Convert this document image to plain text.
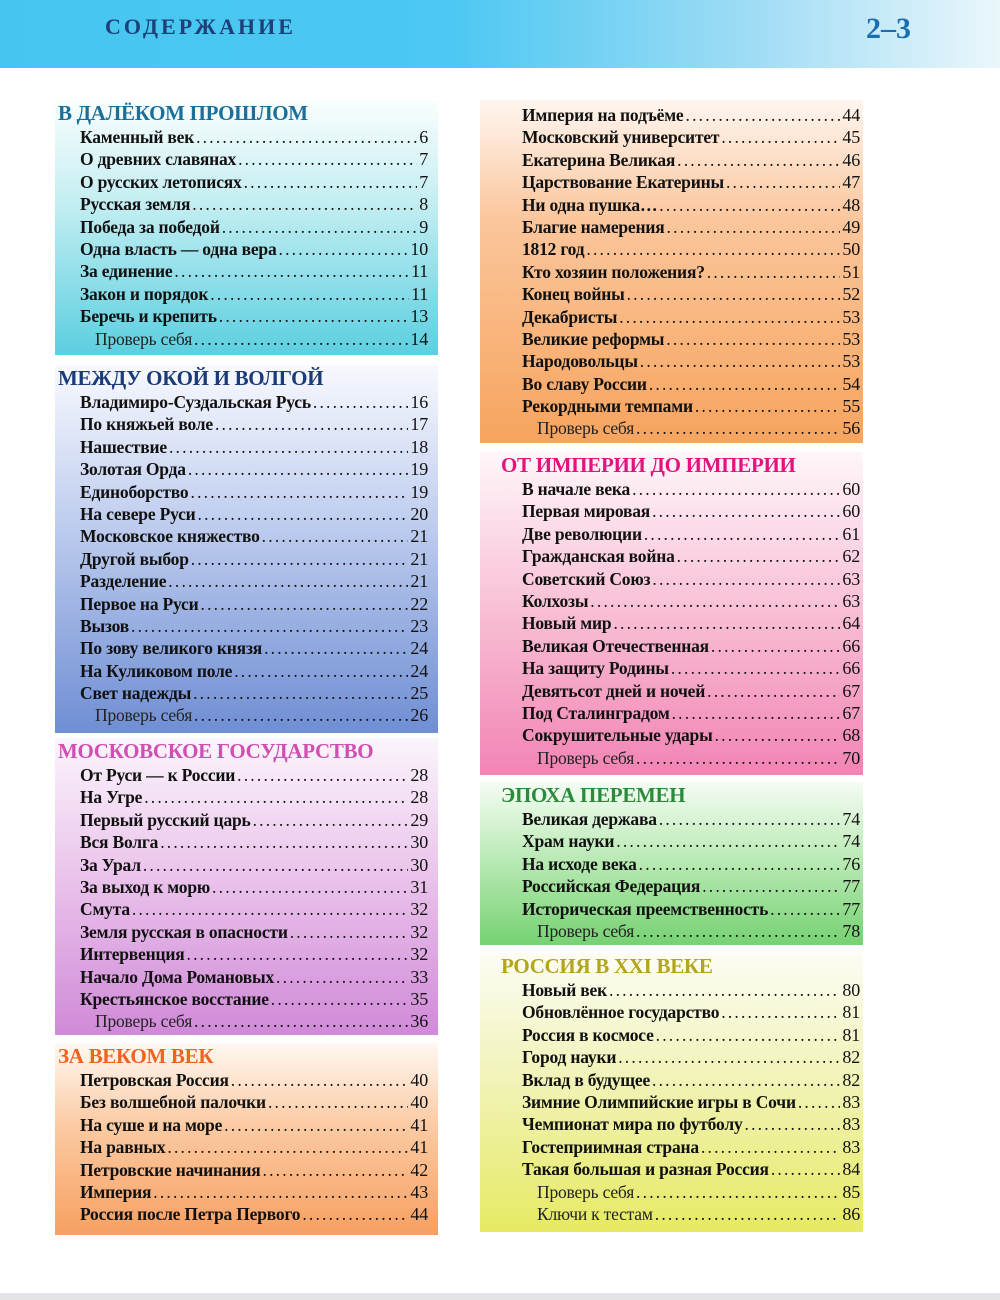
СОДЕРЖАНИЕ	2–3
В ДАЛЁКОМ ПРОШЛОМ
Каменный век .....	6
О древних славянах .....	7
О русских летописях .....	7
Русская земля .....	8
Победа за победой .....	9
Одна власть — одна вера .....	10
За единение .....	11
Закон и порядок .....	11
Беречь и крепить .....	13
Проверь себя .....	14
МЕЖДУ ОКОЙ И ВОЛГОЙ
Владимиро-Суздальская Русь .....	16
По княжьей воле .....	17
Нашествие .....	18
Золотая Орда .....	19
Единоборство .....	19
На севере Руси .....	20
Московское княжество .....	21
Другой выбор .....	21
Разделение .....	21
Первое на Руси .....	22
Вызов .....	23
По зову великого князя .....	24
На Куликовом поле .....	24
Свет надежды .....	25
Проверь себя .....	26
МОСКОВСКОЕ ГОСУДАРСТВО
От Руси — к России .....	28
На Угре .....	28
Первый русский царь .....	29
Вся Волга .....	30
За Урал .....	30
За выход к морю .....	31
Смута .....	32
Земля русская в опасности .....	32
Интервенция .....	32
Начало Дома Романовых .....	33
Крестьянское восстание .....	35
Проверь себя .....	36
ЗА ВЕКОМ ВЕК
Петровская Россия .....	40
Без волшебной палочки .....	40
На суше и на море .....	41
На равных .....	41
Петровские начинания .....	42
Империя .....	43
Россия после Петра Первого .....	44
Империя на подъёме .....	44
Московский университет .....	45
Екатерина Великая .....	46
Царствование Екатерины .....	47
Ни одна пушка… .....	48
Благие намерения .....	49
1812 год .....	50
Кто хозяин положения? .....	51
Конец войны .....	52
Декабристы .....	53
Великие реформы .....	53
Народовольцы .....	53
Во славу России .....	54
Рекордными темпами .....	55
Проверь себя .....	56
ОТ ИМПЕРИИ ДО ИМПЕРИИ
В начале века .....	60
Первая мировая .....	60
Две революции .....	61
Гражданская война .....	62
Советский Союз .....	63
Колхозы .....	63
Новый мир .....	64
Великая Отечественная .....	66
На защиту Родины .....	66
Девятьсот дней и ночей .....	67
Под Сталинградом .....	67
Сокрушительные удары .....	68
Проверь себя .....	70
ЭПОХА ПЕРЕМЕН
Великая держава .....	74
Храм науки .....	74
На исходе века .....	76
Российская Федерация .....	77
Историческая преемственность .....	77
Проверь себя .....	78
РОССИЯ В XXI ВЕКЕ
Новый век .....	80
Обновлённое государство .....	81
Россия в космосе .....	81
Город науки .....	82
Вклад в будущее .....	82
Зимние Олимпийские игры в Сочи .....	83
Чемпионат мира по футболу .....	83
Гостеприимная страна .....	83
Такая большая и разная Россия .....	84
Проверь себя .....	85
Ключи к тестам .....	86
